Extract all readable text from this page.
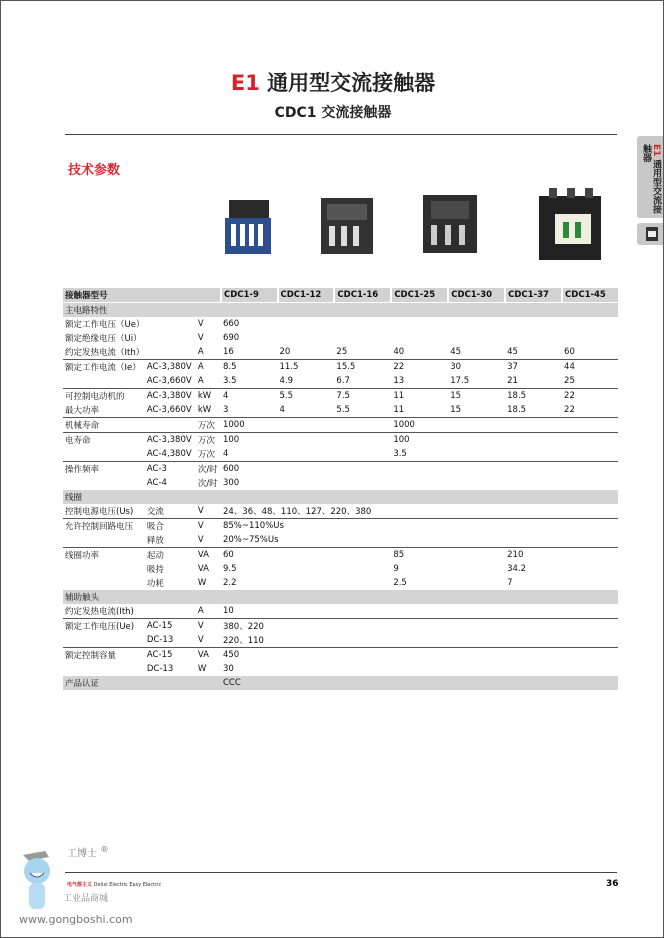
E1 通用型交流接触器
CDC1 交流接触器
技术参数
E1 通用型交流接触器
接触器型号			CDC1-9	CDC1-12	CDC1-16	CDC1-25	CDC1-30	CDC1-37	CDC1-45
主电路特性									
额定工作电压（Ue）		V	660						
额定绝缘电压（Ui）		V	690						
约定发热电流（Ith）		A	16	20	25	40	45	45	60
额定工作电流（Ie）	AC-3,380V	A	8.5	11.5	15.5	22	30	37	44
	AC-3,660V	A	3.5	4.9	6.7	13	17.5	21	25
可控制电动机的	AC-3,380V	kW	4	5.5	7.5	11	15	18.5	22
最大功率	AC-3,660V	kW	3	4	5.5	11	15	18.5	22
机械寿命		万次	1000			1000			
电寿命	AC-3,380V	万次	100			100			
	AC-4,380V	万次	4			3.5			
操作频率	AC-3	次/时	600						
	AC-4	次/时	300						
线圈									
控制电源电压(Us)	交流	V	24、36、48、110、127、220、380						
允许控制回路电压	吸合	V	85%~110%Us						
	释放	V	20%~75%Us						
线圈功率	起动	VA	60			85		210	
	吸持	VA	9.5			9		34.2	
	功耗	W	2.2			2.5		7	
辅助触头									
约定发热电流(Ith)		A	10						
额定工作电压(Ue)	AC-15	V	380、220						
	DC-13	V	220、110						
额定控制容量	AC-15	VA	450						
	DC-13	W	30						
产品认证			CCC						
电气都主义 Delixi Electric Easy Electric	36
工博士 ®
工业品商城
www.gongboshi.com
